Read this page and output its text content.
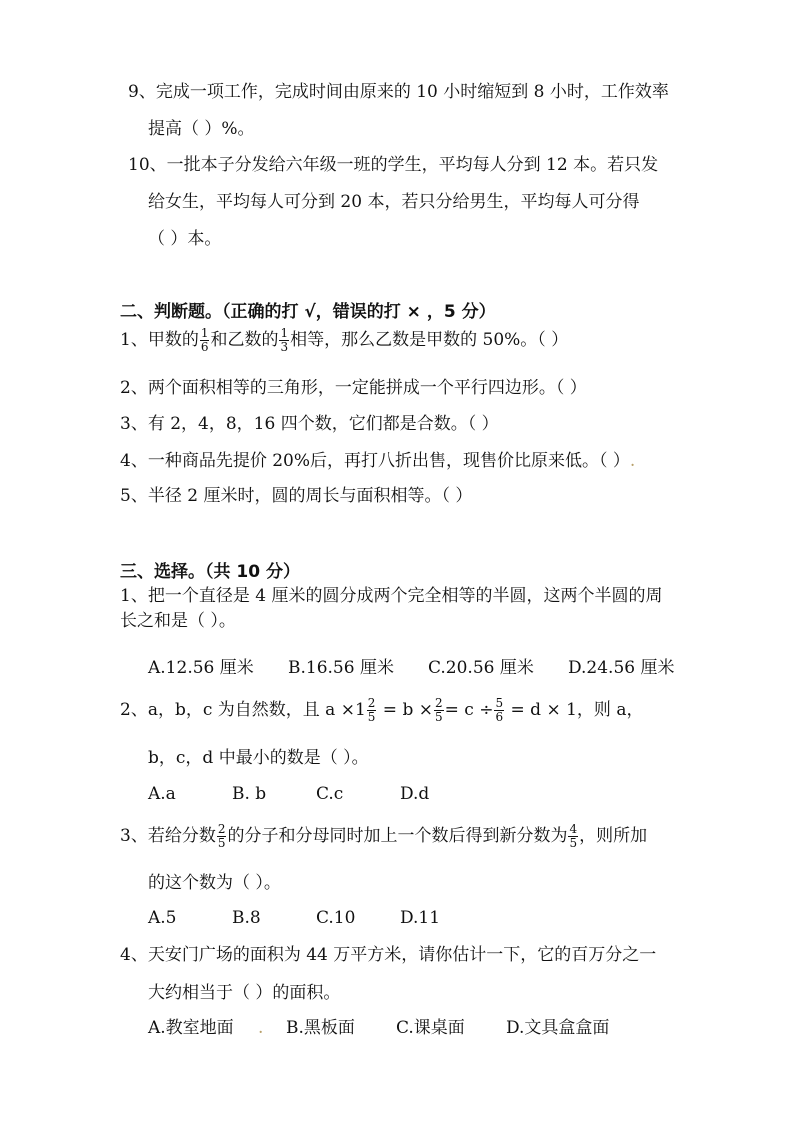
9、完成一项工作，完成时间由原来的 10 小时缩短到 8 小时，工作效率
提高（ ）%。
10、一批本子分发给六年级一班的学生，平均每人分到 12 本。若只发
给女生，平均每人可分到 20 本，若只分给男生，平均每人可分得
（ ）本。
二、判断题。（正确的打 √，错误的打 × ，5 分）
1、甲数的 $\frac{1}{6}$ 和乙数的 $\frac{1}{3}$ 相等，那么乙数是甲数的 50%。（ ）
2、两个面积相等的三角形，一定能拼成一个平行四边形。（ ）
3、有 2，4，8，16 四个数，它们都是合数。（ ）
4、一种商品先提价 20%后，再打八折出售，现售价比原来低。（ ）.
5、半径 2 厘米时，圆的周长与面积相等。（ ）
三、选择。（共 10 分）
1、把一个直径是 4 厘米的圆分成两个完全相等的半圆，这两个半圆的周
长之和是（ ）。
A.12.56 厘米 B.16.56 厘米 C.20.56 厘米 D.24.56 厘米
2、a，b，c 为自然数，且 $a \times 1 \frac{2}{5} = b \times \frac{2}{5} = c \div \frac{5}{6} = d \times 1$，则 a，
b，c，d 中最小的数是（ ）。
A.a	B. b	C.c	D.d
3、若给分数 $\frac{2}{5}$ 的分子和分母同时加上一个数后得到新分数为 $\frac{4}{5}$ ，则所加
的这个数为（ ）。
A.5	B.8	C.10	D.11
4、天安门广场的面积为 44 万平方米，请你估计一下，它的百万分之一
大约相当于（ ）的面积。
A.教室地面 . B.黑板面 C.课桌面 D.文具盒盒面
